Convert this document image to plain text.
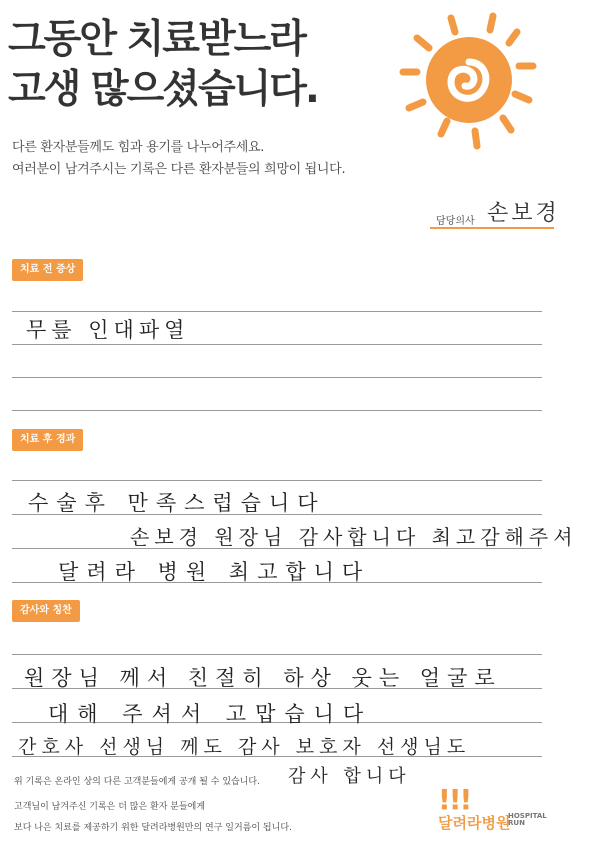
그동안 치료받느라
고생 많으셨습니다.
다른 환자분들께도 힘과 용기를 나누어주세요.
여러분이 남겨주시는 기록은 다른 환자분들의 희망이 됩니다.
담당의사 손보경
치료 전 증상
무릎 인대파열
치료 후 경과
수술후 만족스럽습니다
손보경 원장님 감사합니다 최고감해주셔
달려라 병원 최고합니다
감사와 칭찬
원장님 께서 친절히 하상 웃는 얼굴로
대해 주셔서 고맙습니다
간호사 선생님 께도 감사 보호자 선생님도
감사 합니다
위 기록은 온라인 상의 다른 고객분들에게 공개 될 수 있습니다.
고객님이 남겨주신 기록은 더 많은 환자 분들에게
보다 나은 치료를 제공하기 위한 달려라병원만의 연구 일거름이 됩니다.
!!!
달려라병원
HOSPITAL
RUN
